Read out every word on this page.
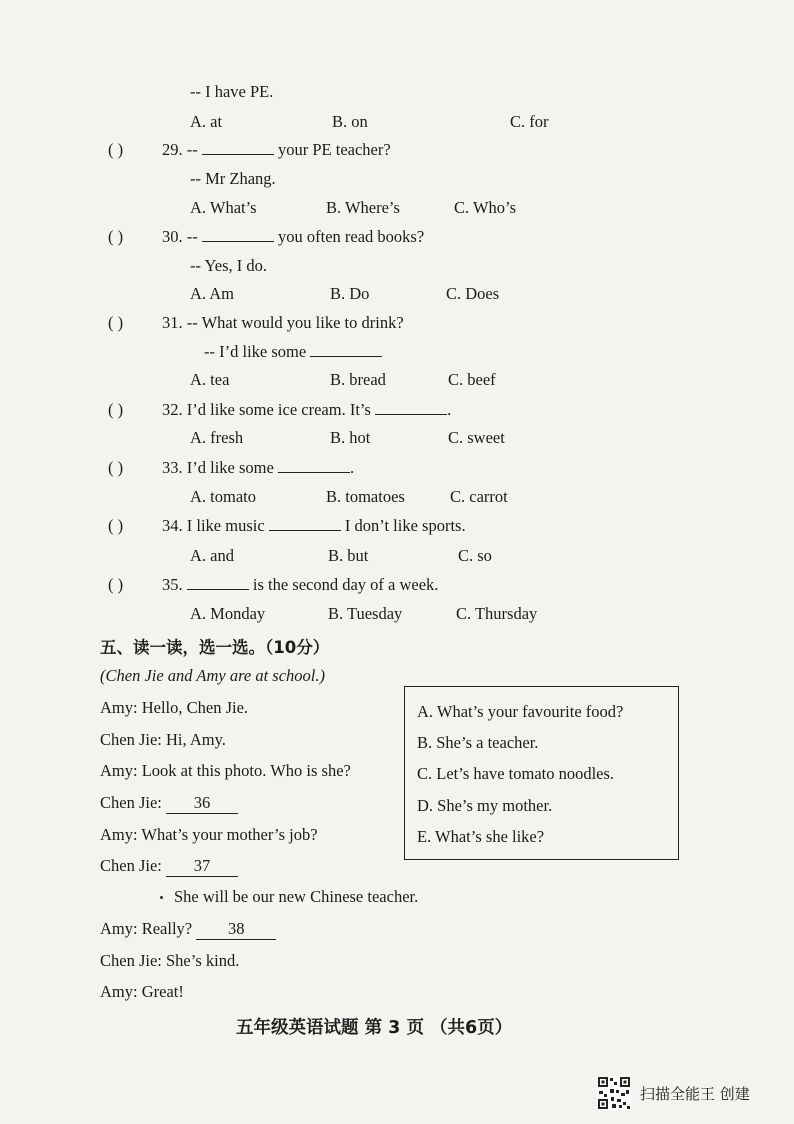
-- I have PE.
A. at	B. on	C. for
( ) 29. --	your PE teacher?
-- Mr Zhang.
A. What’s	B. Where’s	C. Who’s
( ) 30. --	you often read books?
-- Yes, I do.
A. Am	B. Do	C. Does
( ) 31. -- What would you like to drink?
-- I’d like some
A. tea	B. bread	C. beef
( ) 32. I’d like some ice cream. It’s	.
A. fresh	B. hot	C. sweet
( ) 33. I’d like some	.
A. tomato	B. tomatoes	C. carrot
( ) 34. I like music	I don’t like sports.
A. and	B. but	C. so
( ) 35.	is the second day of a week.
A. Monday	B. Tuesday	C. Thursday
五、读一读，选一选。（10分）
(Chen Jie and Amy are at school.)
Amy: Hello, Chen Jie.
Chen Jie: Hi, Amy.
Amy: Look at this photo. Who is she?
Chen Jie: 36
Amy: What’s your mother’s job?
Chen Jie: 37
She will be our new Chinese teacher.
Amy: Really? 38
Chen Jie: She’s kind.
Amy: Great!
A. What’s your favourite food?
B. She’s a teacher.
C. Let’s have tomato noodles.
D. She’s my mother.
E. What’s she like?
五年级英语试题 第 3 页 （共6页）
扫描全能王 创建
